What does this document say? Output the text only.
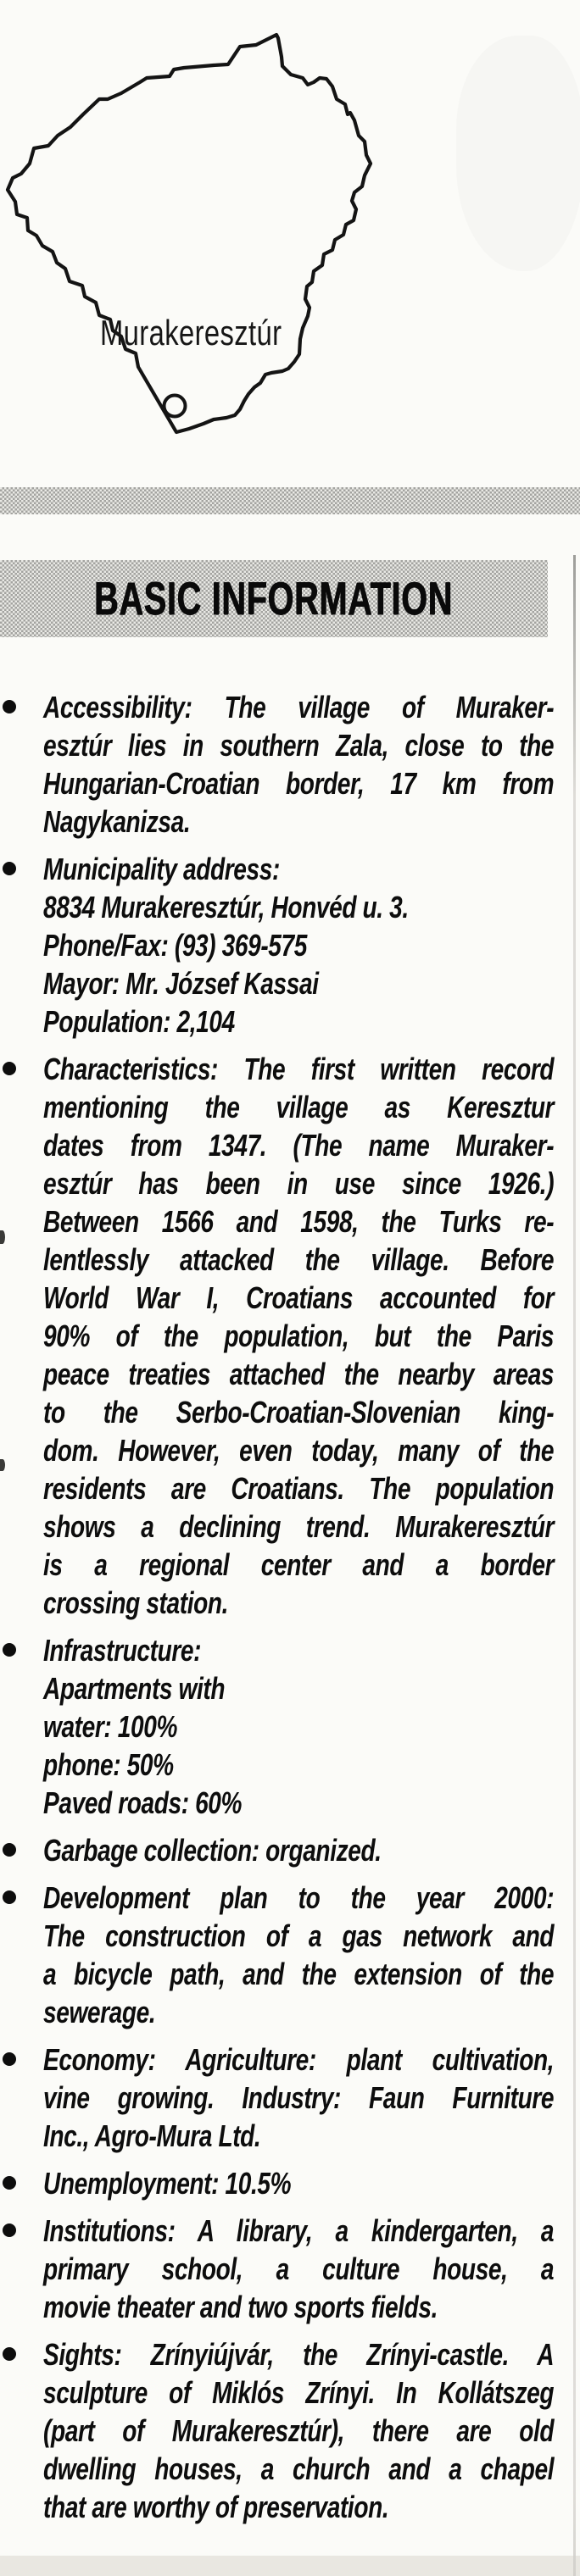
Murakeresztúr
BASIC INFORMATION
Accessibility: The village of Muraker-
esztúr lies in southern Zala, close to the
Hungarian-Croatian border, 17 km from
Nagykanizsa.
Municipality address:
8834 Murakeresztúr, Honvéd u. 3.
Phone/Fax: (93) 369-575
Mayor: Mr. József Kassai
Population: 2,104
Characteristics: The first written record
mentioning the village as Keresztur
dates from 1347. (The name Muraker-
esztúr has been in use since 1926.)
Between 1566 and 1598, the Turks re-
lentlessly attacked the village. Before
World War I, Croatians accounted for
90% of the population, but the Paris
peace treaties attached the nearby areas
to the Serbo-Croatian-Slovenian king-
dom. However, even today, many of the
residents are Croatians. The population
shows a declining trend. Murakeresztúr
is a regional center and a border
crossing station.
Infrastructure:
Apartments with
water: 100%
phone: 50%
Paved roads: 60%
Garbage collection: organized.
Development plan to the year 2000:
The construction of a gas network and
a bicycle path, and the extension of the
sewerage.
Economy: Agriculture: plant cultivation,
vine growing. Industry: Faun Furniture
Inc., Agro-Mura Ltd.
Unemployment: 10.5%
Institutions: A library, a kindergarten, a
primary school, a culture house, a
movie theater and two sports fields.
Sights: Zrínyiújvár, the Zrínyi-castle. A
sculpture of Miklós Zrínyi. In Kollátszeg
(part of Murakeresztúr), there are old
dwelling houses, a church and a chapel
that are worthy of preservation.
